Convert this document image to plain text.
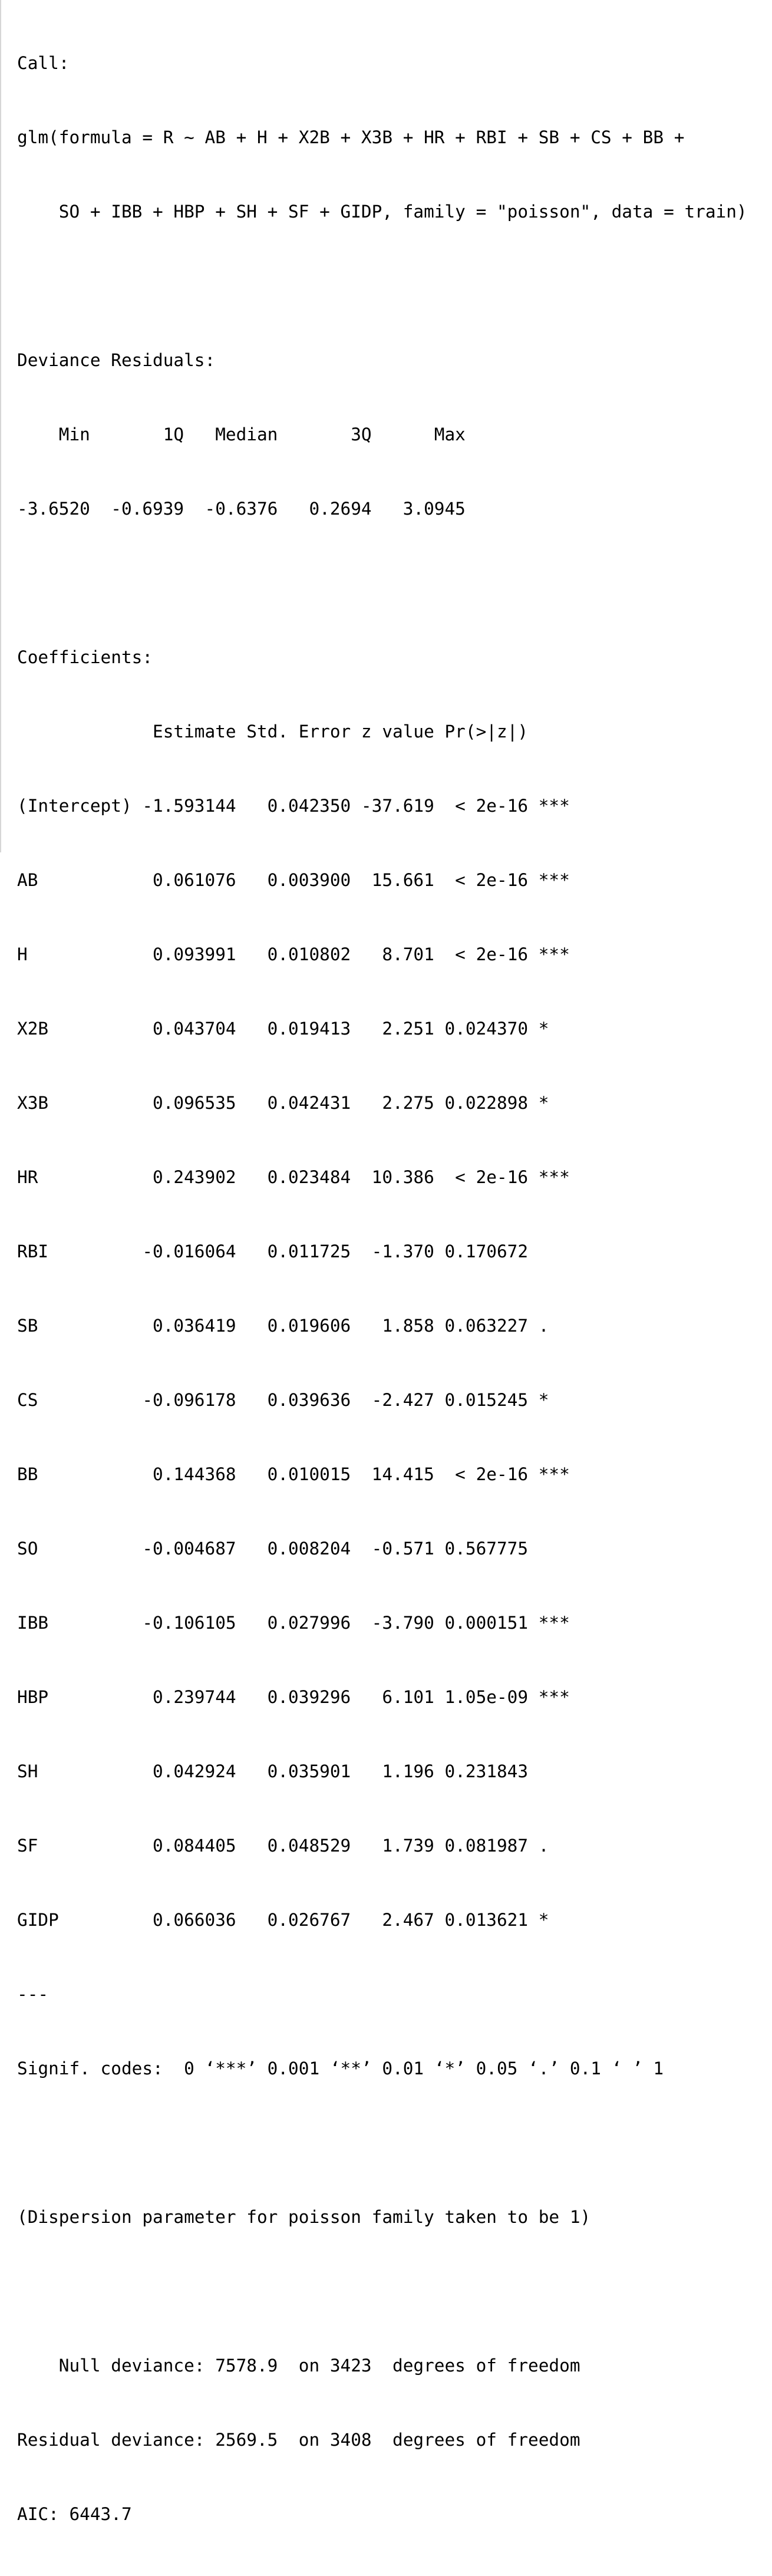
Call:

glm(formula = R ~ AB + H + X2B + X3B + HR + RBI + SB + CS + BB +

SO + IBB + HBP + SH + SF + GIDP, family = "poisson", data = train)

Deviance Residuals:

Min       1Q   Median       3Q      Max

-3.6520  -0.6939  -0.6376   0.2694   3.0945

Coefficients:

Estimate Std. Error z value Pr(>|z|)

(Intercept) -1.593144   0.042350 -37.619  < 2e-16 ***

AB           0.061076   0.003900  15.661  < 2e-16 ***

H            0.093991   0.010802   8.701  < 2e-16 ***

X2B          0.043704   0.019413   2.251 0.024370 *

X3B          0.096535   0.042431   2.275 0.022898 *

HR           0.243902   0.023484  10.386  < 2e-16 ***

RBI         -0.016064   0.011725  -1.370 0.170672

SB           0.036419   0.019606   1.858 0.063227 .

CS          -0.096178   0.039636  -2.427 0.015245 *

BB           0.144368   0.010015  14.415  < 2e-16 ***

SO          -0.004687   0.008204  -0.571 0.567775

IBB         -0.106105   0.027996  -3.790 0.000151 ***

HBP          0.239744   0.039296   6.101 1.05e-09 ***

SH           0.042924   0.035901   1.196 0.231843

SF           0.084405   0.048529   1.739 0.081987 .

GIDP         0.066036   0.026767   2.467 0.013621 *

---

Signif. codes:  0 ‘***’ 0.001 ‘**’ 0.01 ‘*’ 0.05 ‘.’ 0.1 ‘ ’ 1

(Dispersion parameter for poisson family taken to be 1)

Null deviance: 7578.9  on 3423  degrees of freedom

Residual deviance: 2569.5  on 3408  degrees of freedom

AIC: 6443.7
